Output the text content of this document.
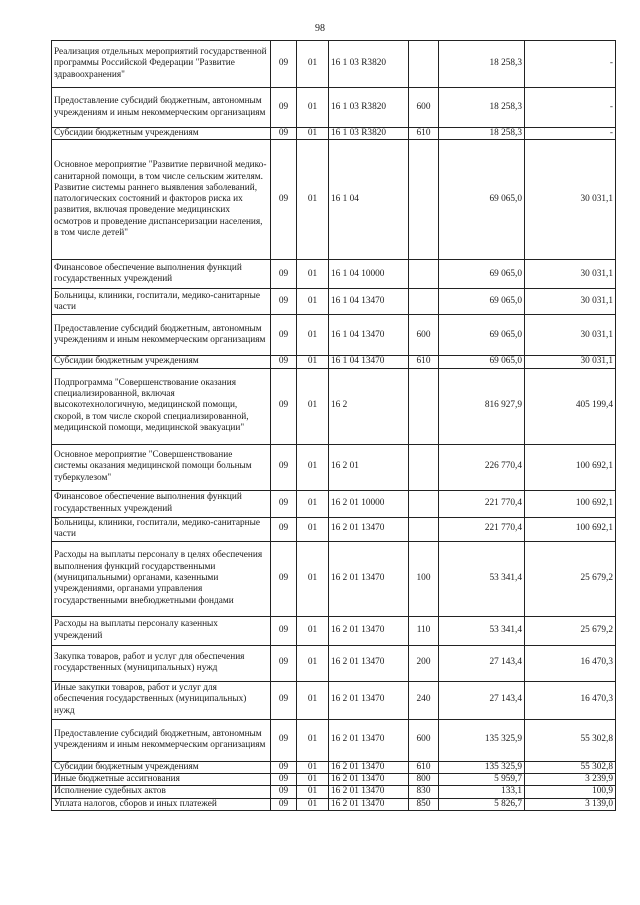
98
Реализация отдельных мероприятий государственной программы Российской Федерации "Развитие здравоохранения"	09	01	16 1 03 R3820		18 258,3	-
Предоставление субсидий бюджетным, автономным учреждениям и иным некоммерческим организациям	09	01	16 1 03 R3820	600	18 258,3	-
Субсидии бюджетным учреждениям	09	01	16 1 03 R3820	610	18 258,3	-
Основное мероприятие "Развитие первичной медико-санитарной помощи, в том числе сельским жителям. Развитие системы раннего выявления заболеваний, патологических состояний и факторов риска их развития, включая проведение медицинских осмотров и проведение диспансеризации населения, в том числе детей"	09	01	16 1 04		69 065,0	30 031,1
Финансовое обеспечение выполнения функций государственных учреждений	09	01	16 1 04 10000		69 065,0	30 031,1
Больницы, клиники, госпитали, медико-санитарные части	09	01	16 1 04 13470		69 065,0	30 031,1
Предоставление субсидий бюджетным, автономным учреждениям и иным некоммерческим организациям	09	01	16 1 04 13470	600	69 065,0	30 031,1
Субсидии бюджетным учреждениям	09	01	16 1 04 13470	610	69 065,0	30 031,1
Подпрограмма "Совершенствование оказания специализированной, включая высокотехнологичную, медицинской помощи, скорой, в том числе скорой специализированной, медицинской помощи, медицинской эвакуации"	09	01	16 2		816 927,9	405 199,4
Основное мероприятие "Совершенствование системы оказания медицинской помощи больным туберкулезом"	09	01	16 2 01		226 770,4	100 692,1
Финансовое обеспечение выполнения функций государственных учреждений	09	01	16 2 01 10000		221 770,4	100 692,1
Больницы, клиники, госпитали, медико-санитарные части	09	01	16 2 01 13470		221 770,4	100 692,1
Расходы на выплаты персоналу в целях обеспечения выполнения функций государственными (муниципальными) органами, казенными учреждениями, органами управления государственными внебюджетными фондами	09	01	16 2 01 13470	100	53 341,4	25 679,2
Расходы на выплаты персоналу казенных учреждений	09	01	16 2 01 13470	110	53 341,4	25 679,2
Закупка товаров, работ и услуг для обеспечения государственных (муниципальных) нужд	09	01	16 2 01 13470	200	27 143,4	16 470,3
Иные закупки товаров, работ и услуг для обеспечения государственных (муниципальных) нужд	09	01	16 2 01 13470	240	27 143,4	16 470,3
Предоставление субсидий бюджетным, автономным учреждениям и иным некоммерческим организациям	09	01	16 2 01 13470	600	135 325,9	55 302,8
Субсидии бюджетным учреждениям	09	01	16 2 01 13470	610	135 325,9	55 302,8
Иные бюджетные ассигнования	09	01	16 2 01 13470	800	5 959,7	3 239,9
Исполнение судебных актов	09	01	16 2 01 13470	830	133,1	100,9
Уплата налогов, сборов и иных платежей	09	01	16 2 01 13470	850	5 826,7	3 139,0
